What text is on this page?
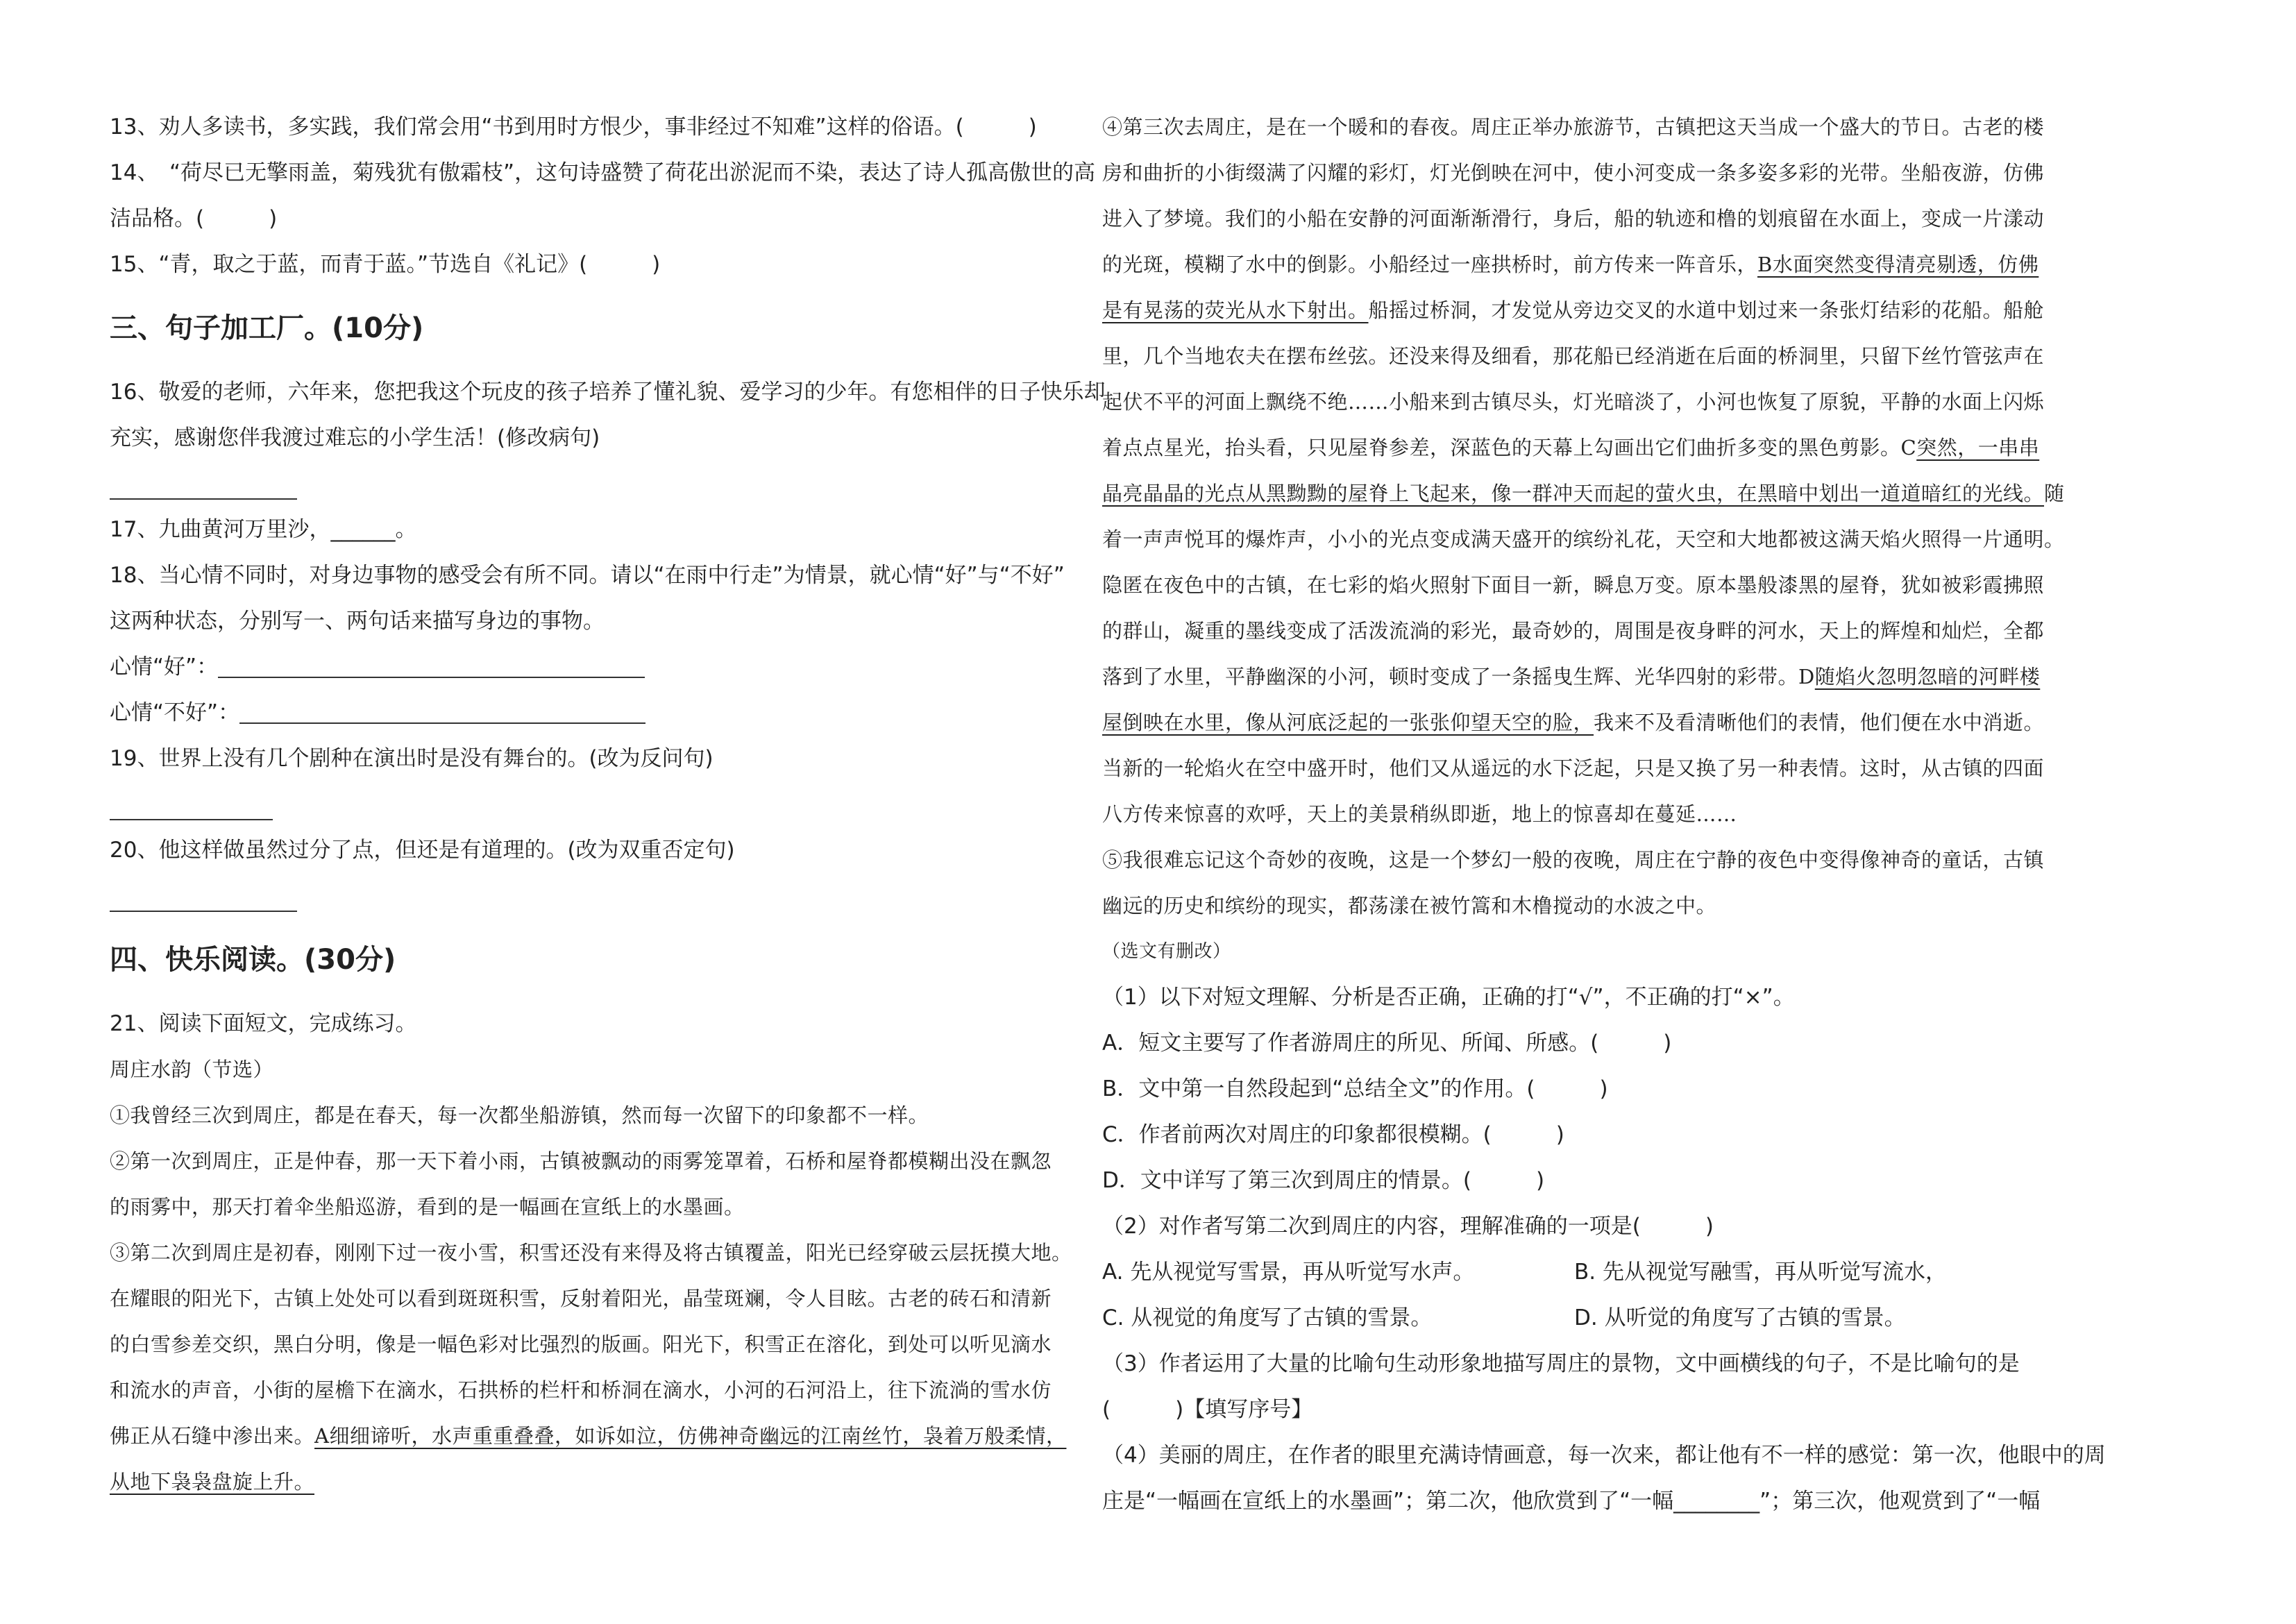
13、劝人多读书，多实践，我们常会用“书到用时方恨少，事非经过不知难”这样的俗语。(　　　)
14、　“荷尽已无擎雨盖，菊残犹有傲霜枝”，这句诗盛赞了荷花出淤泥而不染，表达了诗人孤高傲世的高
洁品格。(　　　)
15、“青，取之于蓝，而青于蓝。”节选自《礼记》(　　　)
三、句子加工厂。(10分)
16、敬爱的老师，六年来，您把我这个玩皮的孩子培养了懂礼貌、爱学习的少年。有您相伴的日子快乐却
充实，感谢您伴我渡过难忘的小学生活！(修改病句)
17、九曲黄河万里沙，______。
18、当心情不同时，对身边事物的感受会有所不同。请以“在雨中行走”为情景，就心情“好”与“不好”
这两种状态，分别写一、两句话来描写身边的事物。
心情“好”：
心情“不好”：
19、世界上没有几个剧种在演出时是没有舞台的。(改为反问句)
20、他这样做虽然过分了点，但还是有道理的。(改为双重否定句)
四、快乐阅读。(30分)
21、阅读下面短文，完成练习。
周庄水韵（节选）
①我曾经三次到周庄，都是在春天，每一次都坐船游镇，然而每一次留下的印象都不一样。
②第一次到周庄，正是仲春，那一天下着小雨，古镇被飘动的雨雾笼罩着，石桥和屋脊都模糊出没在飘忽
的雨雾中，那天打着伞坐船巡游，看到的是一幅画在宣纸上的水墨画。
③第二次到周庄是初春，刚刚下过一夜小雪，积雪还没有来得及将古镇覆盖，阳光已经穿破云层抚摸大地。
在耀眼的阳光下，古镇上处处可以看到斑斑积雪，反射着阳光，晶莹斑斓，令人目眩。古老的砖石和清新
的白雪参差交织，黑白分明，像是一幅色彩对比强烈的版画。阳光下，积雪正在溶化，到处可以听见滴水
和流水的声音，小街的屋檐下在滴水，石拱桥的栏杆和桥洞在滴水，小河的石河沿上，往下流淌的雪水仿
佛正从石缝中渗出来。A细细谛听，水声重重叠叠，如诉如泣，仿佛神奇幽远的江南丝竹，袅着万般柔情，
从地下袅袅盘旋上升。
④第三次去周庄，是在一个暖和的春夜。周庄正举办旅游节，古镇把这天当成一个盛大的节日。古老的楼
房和曲折的小街缀满了闪耀的彩灯，灯光倒映在河中，使小河变成一条多姿多彩的光带。坐船夜游，仿佛
进入了梦境。我们的小船在安静的河面渐渐滑行，身后，船的轨迹和橹的划痕留在水面上，变成一片漾动
的光斑，模糊了水中的倒影。小船经过一座拱桥时，前方传来一阵音乐，B水面突然变得清亮剔透，仿佛
是有晃荡的荧光从水下射出。船摇过桥洞，才发觉从旁边交叉的水道中划过来一条张灯结彩的花船。船舱
里，几个当地农夫在摆布丝弦。还没来得及细看，那花船已经消逝在后面的桥洞里，只留下丝竹管弦声在
起伏不平的河面上飘绕不绝……小船来到古镇尽头，灯光暗淡了，小河也恢复了原貌，平静的水面上闪烁
着点点星光，抬头看，只见屋脊参差，深蓝色的天幕上勾画出它们曲折多变的黑色剪影。C突然，一串串
晶亮晶晶的光点从黑黝黝的屋脊上飞起来，像一群冲天而起的萤火虫，在黑暗中划出一道道暗红的光线。随
着一声声悦耳的爆炸声，小小的光点变成满天盛开的缤纷礼花，天空和大地都被这满天焰火照得一片通明。
隐匿在夜色中的古镇，在七彩的焰火照射下面目一新，瞬息万变。原本墨般漆黑的屋脊，犹如被彩霞拂照
的群山，凝重的墨线变成了活泼流淌的彩光，最奇妙的，周围是夜身畔的河水，天上的辉煌和灿烂，全都
落到了水里，平静幽深的小河，顿时变成了一条摇曳生辉、光华四射的彩带。D随焰火忽明忽暗的河畔楼
屋倒映在水里，像从河底泛起的一张张仰望天空的脸，我来不及看清晰他们的表情，他们便在水中消逝。
当新的一轮焰火在空中盛开时，他们又从遥远的水下泛起，只是又换了另一种表情。这时，从古镇的四面
八方传来惊喜的欢呼，天上的美景稍纵即逝，地上的惊喜却在蔓延……
⑤我很难忘记这个奇妙的夜晚，这是一个梦幻一般的夜晚，周庄在宁静的夜色中变得像神奇的童话，古镇
幽远的历史和缤纷的现实，都荡漾在被竹篙和木橹搅动的水波之中。
（选文有删改）
（1）以下对短文理解、分析是否正确，正确的打“√”，不正确的打“×”。
A．短文主要写了作者游周庄的所见、所闻、所感。(　　　)
B．文中第一自然段起到“总结全文”的作用。(　　　)
C．作者前两次对周庄的印象都很模糊。(　　　)
D．文中详写了第三次到周庄的情景。(　　　)
（2）对作者写第二次到周庄的内容，理解准确的一项是(　　　)
A. 先从视觉写雪景，再从听觉写水声。	B. 先从视觉写融雪，再从听觉写流水，
C. 从视觉的角度写了古镇的雪景。	D. 从听觉的角度写了古镇的雪景。
（3）作者运用了大量的比喻句生动形象地描写周庄的景物，文中画横线的句子，不是比喻句的是
(　　　)【填写序号】
（4）美丽的周庄，在作者的眼里充满诗情画意，每一次来，都让他有不一样的感觉：第一次，他眼中的周
庄是“一幅画在宣纸上的水墨画”；第二次，他欣赏到了“一幅________”；第三次，他观赏到了“一幅
